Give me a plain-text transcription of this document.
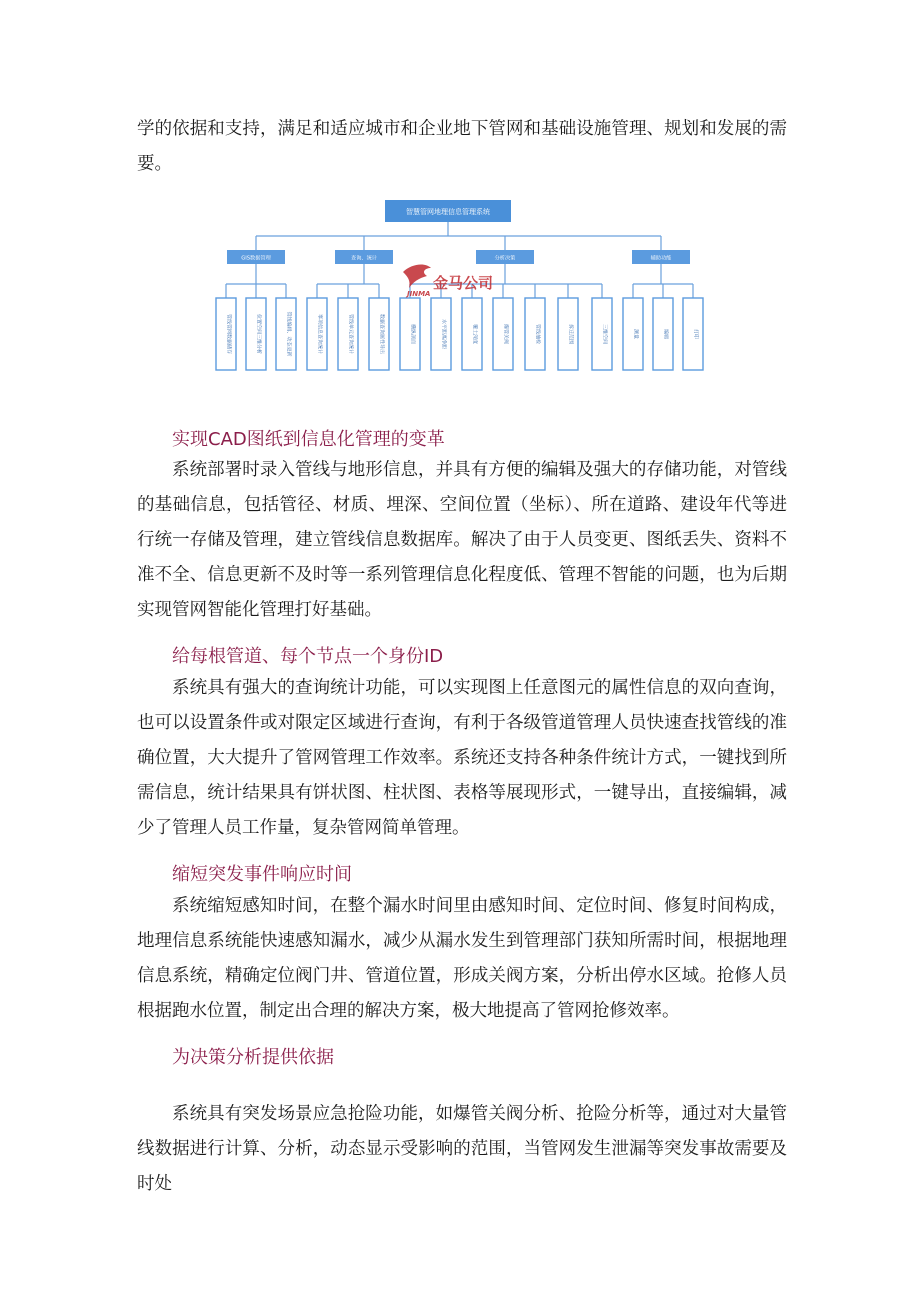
学的依据和支持，满足和适应城市和企业地下管网和基础设施管理、规划和发展的需要。

智慧管网地理信息管理系统
GIS数据管理	查询、统计	分析决策	辅助功能
管线管网数据储存	位置空间三维分析	管线编辑、动态更新	事项信息查询统计	管线单元查询统计	数据查询属性导出	横纵剖面	水平距离净距	覆土深度	爆管关阀	管线抽检	拆迁范围	三维空间	测量	编辑	打印
金马公司
JINMA
实现CAD图纸到信息化管理的变革

系统部署时录入管线与地形信息，并具有方便的编辑及强大的存储功能，对管线的基础信息，包括管径、材质、埋深、空间位置（坐标）、所在道路、建设年代等进行统一存储及管理，建立管线信息数据库。解决了由于人员变更、图纸丢失、资料不准不全、信息更新不及时等一系列管理信息化程度低、管理不智能的问题，也为后期实现管网智能化管理打好基础。

给每根管道、每个节点一个身份ID

系统具有强大的查询统计功能，可以实现图上任意图元的属性信息的双向查询，也可以设置条件或对限定区域进行查询，有利于各级管道管理人员快速查找管线的准确位置，大大提升了管网管理工作效率。系统还支持各种条件统计方式，一键找到所需信息，统计结果具有饼状图、柱状图、表格等展现形式，一键导出，直接编辑，减少了管理人员工作量，复杂管网简单管理。

缩短突发事件响应时间

系统缩短感知时间，在整个漏水时间里由感知时间、定位时间、修复时间构成，地理信息系统能快速感知漏水，减少从漏水发生到管理部门获知所需时间，根据地理信息系统，精确定位阀门井、管道位置，形成关阀方案，分析出停水区域。抢修人员根据跑水位置，制定出合理的解决方案，极大地提高了管网抢修效率。

为决策分析提供依据

系统具有突发场景应急抢险功能，如爆管关阀分析、抢险分析等，通过对大量管线数据进行计算、分析，动态显示受影响的范围，当管网发生泄漏等突发事故需要及时处
